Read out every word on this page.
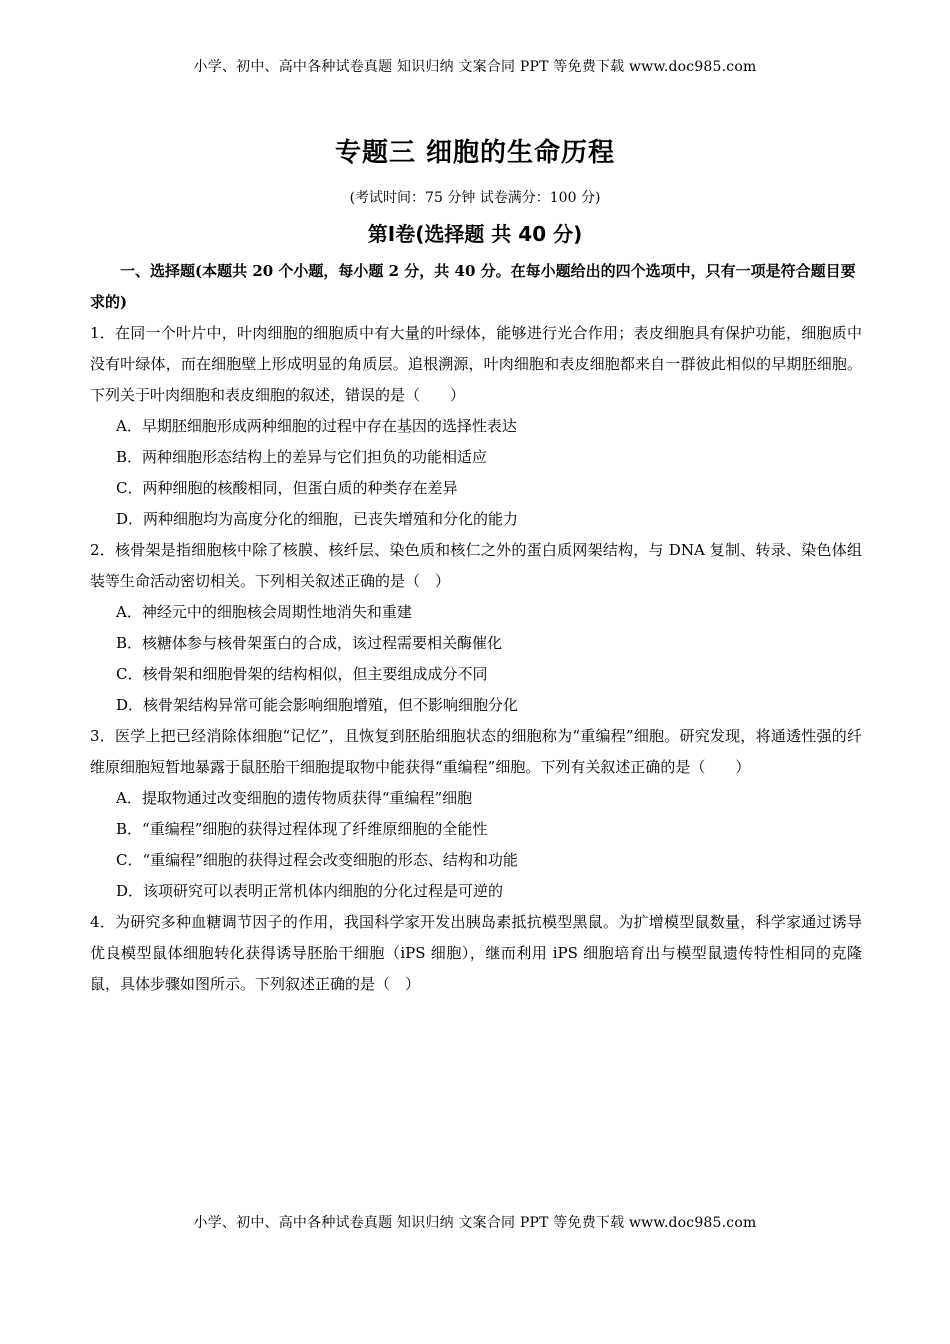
小学、初中、高中各种试卷真题 知识归纳 文案合同 PPT 等免费下载 www.doc985.com
专题三 细胞的生命历程
(考试时间：75 分钟 试卷满分：100 分)
第Ⅰ卷(选择题 共 40 分)

一、选择题(本题共 20 个小题，每小题 2 分，共 40 分。在每小题给出的四个选项中，只有一项是符合题目要求的)

1．在同一个叶片中，叶肉细胞的细胞质中有大量的叶绿体，能够进行光合作用；表皮细胞具有保护功能，细胞质中没有叶绿体，而在细胞壁上形成明显的角质层。追根溯源，叶肉细胞和表皮细胞都来自一群彼此相似的早期胚细胞。下列关于叶肉细胞和表皮细胞的叙述，错误的是（　　）

A．早期胚细胞形成两种细胞的过程中存在基因的选择性表达

B．两种细胞形态结构上的差异与它们担负的功能相适应

C．两种细胞的核酸相同，但蛋白质的种类存在差异

D．两种细胞均为高度分化的细胞，已丧失增殖和分化的能力

2．核骨架是指细胞核中除了核膜、核纤层、染色质和核仁之外的蛋白质网架结构，与 DNA 复制、转录、染色体组装等生命活动密切相关。下列相关叙述正确的是（　）

A．神经元中的细胞核会周期性地消失和重建

B．核糖体参与核骨架蛋白的合成，该过程需要相关酶催化

C．核骨架和细胞骨架的结构相似，但主要组成成分不同

D．核骨架结构异常可能会影响细胞增殖，但不影响细胞分化

3．医学上把已经消除体细胞“记忆”，且恢复到胚胎细胞状态的细胞称为“重编程”细胞。研究发现，将通透性强的纤维原细胞短暂地暴露于鼠胚胎干细胞提取物中能获得“重编程”细胞。下列有关叙述正确的是（　　）

A．提取物通过改变细胞的遗传物质获得“重编程”细胞

B．“重编程”细胞的获得过程体现了纤维原细胞的全能性

C．“重编程”细胞的获得过程会改变细胞的形态、结构和功能

D．该项研究可以表明正常机体内细胞的分化过程是可逆的

4．为研究多种血糖调节因子的作用，我国科学家开发出胰岛素抵抗模型黑鼠。为扩增模型鼠数量，科学家通过诱导优良模型鼠体细胞转化获得诱导胚胎干细胞（iPS 细胞），继而利用 iPS 细胞培育出与模型鼠遗传特性相同的克隆鼠，具体步骤如图所示。下列叙述正确的是（　）

小学、初中、高中各种试卷真题 知识归纳 文案合同 PPT 等免费下载 www.doc985.com
